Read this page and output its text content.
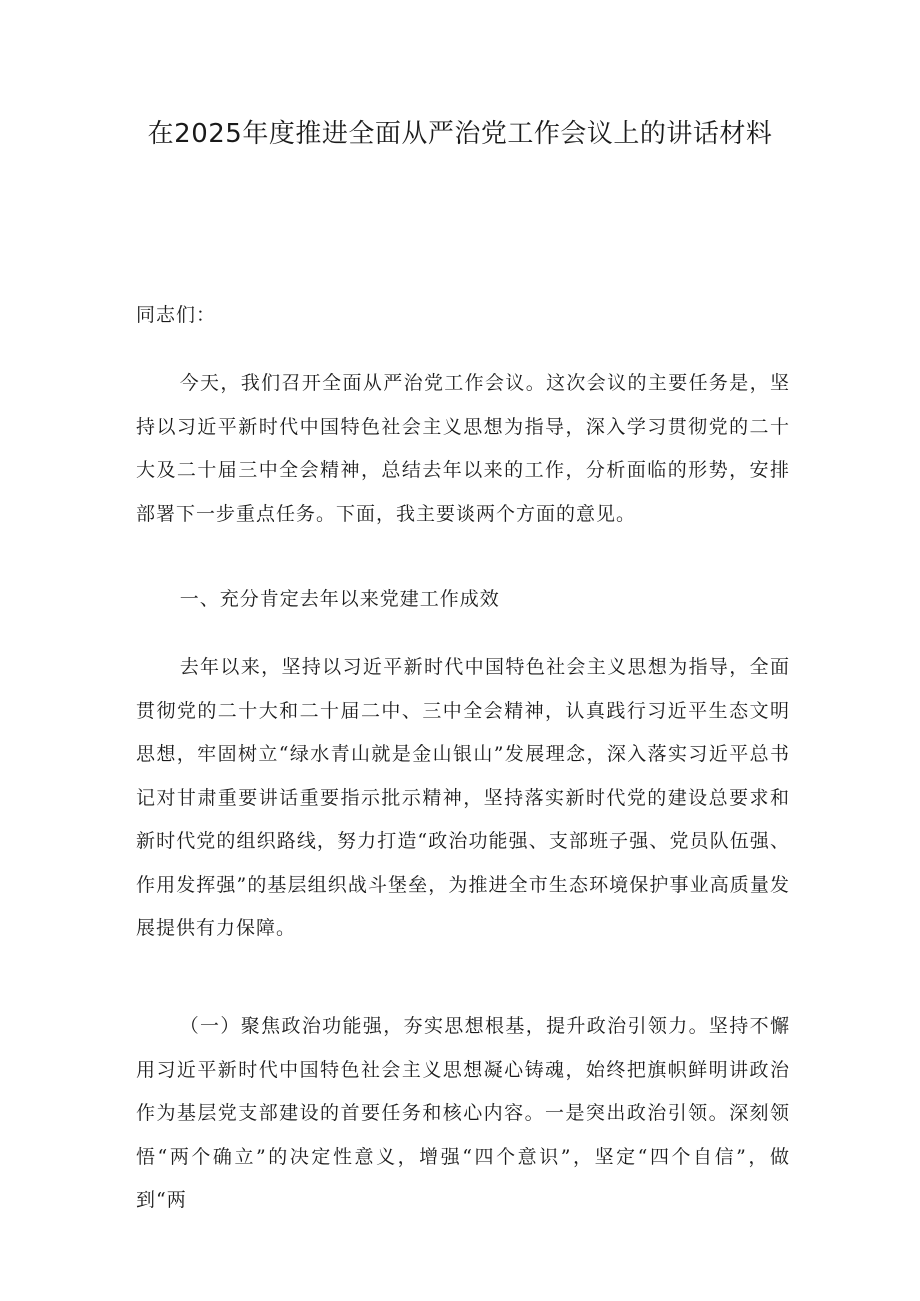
在2025年度推进全面从严治党工作会议上的讲话材料

同志们：

今天，我们召开全面从严治党工作会议。这次会议的主要任务是，坚持以习近平新时代中国特色社会主义思想为指导，深入学习贯彻党的二十大及二十届三中全会精神，总结去年以来的工作，分析面临的形势，安排部署下一步重点任务。下面，我主要谈两个方面的意见。

一、充分肯定去年以来党建工作成效

去年以来，坚持以习近平新时代中国特色社会主义思想为指导，全面贯彻党的二十大和二十届二中、三中全会精神，认真践行习近平生态文明思想，牢固树立“绿水青山就是金山银山”发展理念，深入落实习近平总书记对甘肃重要讲话重要指示批示精神，坚持落实新时代党的建设总要求和新时代党的组织路线，努力打造“政治功能强、支部班子强、党员队伍强、作用发挥强”的基层组织战斗堡垒，为推进全市生态环境保护事业高质量发展提供有力保障。

（一）聚焦政治功能强，夯实思想根基，提升政治引领力。坚持不懈用习近平新时代中国特色社会主义思想凝心铸魂，始终把旗帜鲜明讲政治作为基层党支部建设的首要任务和核心内容。一是突出政治引领。深刻领悟“两个确立”的决定性意义，增强“四个意识”，坚定“四个自信”，做到“两
